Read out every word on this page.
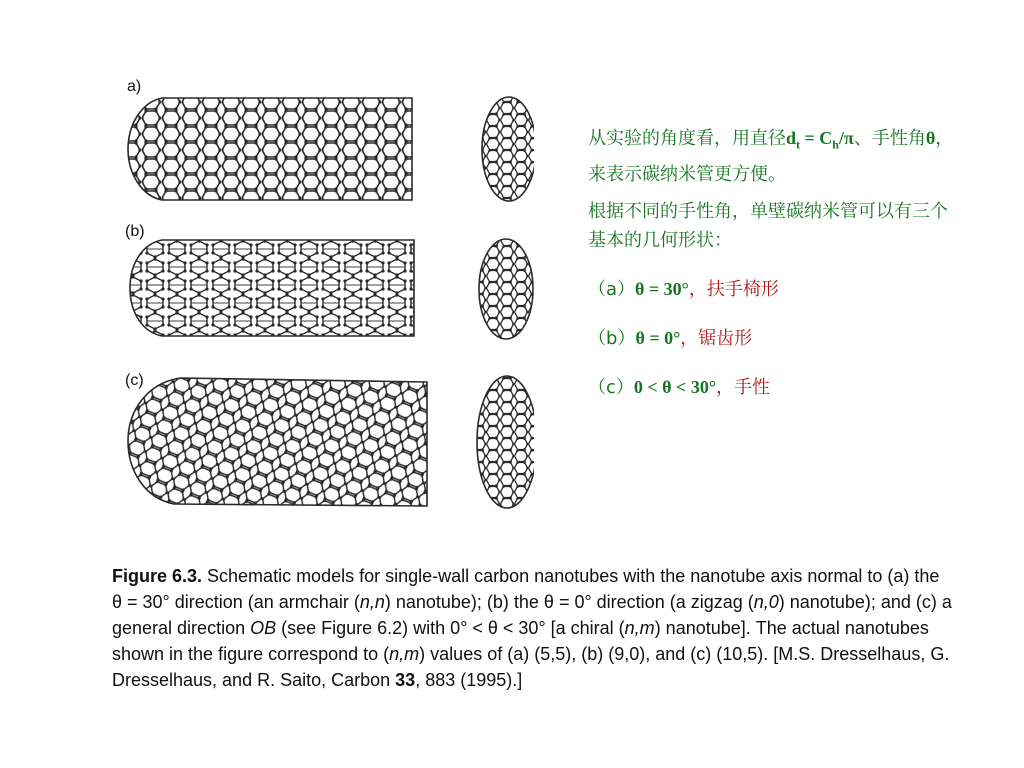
a)
(b)
(c)

从实验的角度看，用直径$d_t = C_h/\pi$、手性角θ，来表示碳纳米管更方便。

根据不同的手性角，单壁碳纳米管可以有三个基本的几何形状：

（a）θ = 30°，扶手椅形
（b）θ = 0°，锯齿形
（c）0 < θ < 30°，手性
Figure 6.3. Schematic models for single-wall carbon nanotubes with the nanotube axis normal to (a) the θ = 30° direction (an armchair (n,n) nanotube); (b) the θ = 0° direction (a zigzag (n,0) nanotube); and (c) a general direction OB (see Figure 6.2) with 0° < θ < 30° [a chiral (n,m) nanotube]. The actual nanotubes shown in the figure correspond to (n,m) values of (a) (5,5), (b) (9,0), and (c) (10,5). [M.S. Dresselhaus, G. Dresselhaus, and R. Saito, Carbon 33, 883 (1995).]
